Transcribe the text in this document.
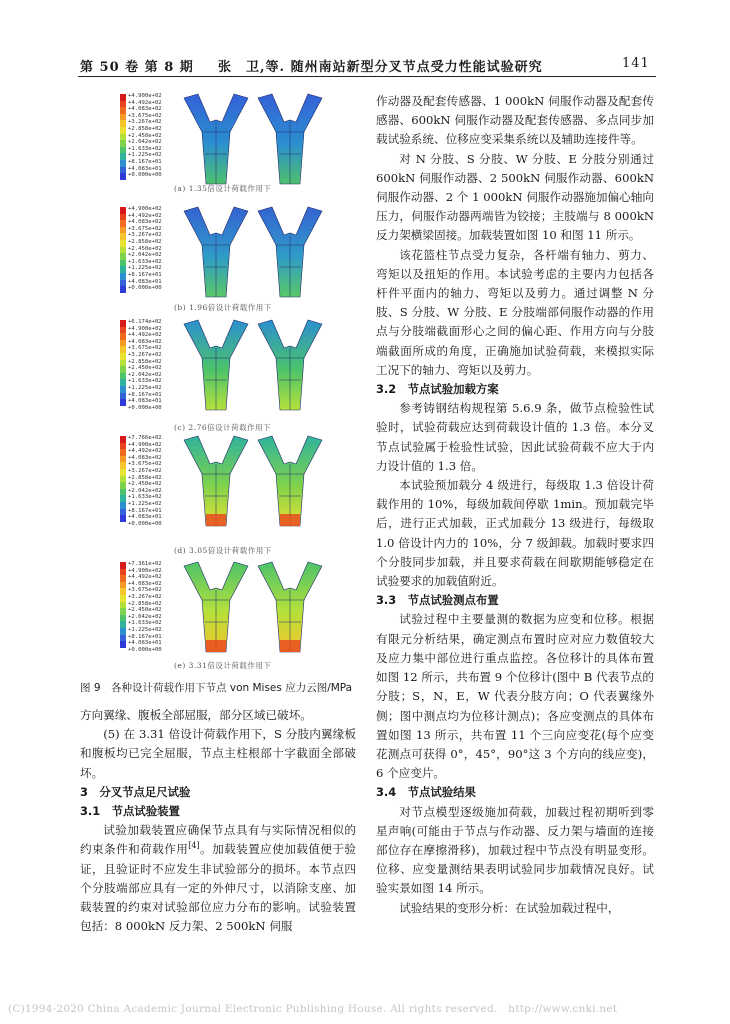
第 50 卷 第 8 期 张　卫,等. 随州南站新型分叉节点受力性能试验研究	141
+4.900e+02
+4.492e+02
+4.083e+02
+3.675e+02
+3.267e+02
+2.858e+02
+2.450e+02
+2.042e+02
+1.633e+02
+1.225e+02
+8.167e+01
+4.083e+01
+0.000e+00
(a) 1.35倍设计荷载作用下
+4.900e+02
+4.492e+02
+4.083e+02
+3.675e+02
+3.267e+02
+2.858e+02
+2.450e+02
+2.042e+02
+1.633e+02
+1.225e+02
+8.167e+01
+4.083e+01
+0.000e+00
(b) 1.96倍设计荷载作用下
+6.174e+02
+4.900e+02
+4.492e+02
+4.083e+02
+3.675e+02
+3.267e+02
+2.858e+02
+2.450e+02
+2.042e+02
+1.633e+02
+1.225e+02
+8.167e+01
+4.083e+01
+0.000e+00
(c) 2.76倍设计荷载作用下
+7.766e+02
+4.900e+02
+4.492e+02
+4.083e+02
+3.675e+02
+3.267e+02
+2.858e+02
+2.450e+02
+2.042e+02
+1.633e+02
+1.225e+02
+8.167e+01
+4.083e+01
+0.000e+00
(d) 3.05倍设计荷载作用下
+7.361e+02
+4.900e+02
+4.492e+02
+4.083e+02
+3.675e+02
+3.267e+02
+2.858e+02
+2.450e+02
+2.042e+02
+1.633e+02
+1.225e+02
+8.167e+01
+4.083e+01
+0.000e+00
(e) 3.31倍设计荷载作用下
图 9　各种设计荷载作用下节点 von Mises 应力云图/MPa

方向翼缘、腹板全部屈服，部分区域已破坏。

(5) 在 3.31 倍设计荷载作用下，S 分肢内翼缘板和腹板均已完全屈服，节点主柱根部十字截面全部破坏。

3　分叉节点足尺试验

3.1　节点试验装置

试验加载装置应确保节点具有与实际情况相似的约束条件和荷载作用[4]。加载装置应使加载值便于验证，且验证时不应发生非试验部分的损坏。本节点四个分肢端部应具有一定的外伸尺寸，以消除支座、加载装置的约束对试验部位应力分布的影响。试验装置包括：8 000kN 反力架、2 500kN 伺服

作动器及配套传感器、1 000kN 伺服作动器及配套传感器、600kN 伺服作动器及配套传感器、多点同步加载试验系统、位移应变采集系统以及辅助连接件等。

对 N 分肢、S 分肢、W 分肢、E 分肢分别通过 600kN 伺服作动器、2 500kN 伺服作动器、600kN 伺服作动器、2 个 1 000kN 伺服作动器施加偏心轴向压力，伺服作动器两端皆为铰接；主肢端与 8 000kN 反力架横梁固接。加载装置如图 10 和图 11 所示。

该花篮柱节点受力复杂，各杆端有轴力、剪力、弯矩以及扭矩的作用。本试验考虑的主要内力包括各杆件平面内的轴力、弯矩以及剪力。通过调整 N 分肢、S 分肢、W 分肢、E 分肢端部伺服作动器的作用点与分肢端截面形心之间的偏心距、作用方向与分肢端截面所成的角度，正确施加试验荷载，来模拟实际工况下的轴力、弯矩以及剪力。

3.2　节点试验加载方案

参考铸钢结构规程第 5.6.9 条，做节点检验性试验时，试验荷载应达到荷载设计值的 1.3 倍。本分叉节点试验属于检验性试验，因此试验荷载不应大于内力设计值的 1.3 倍。

本试验预加载分 4 级进行，每级取 1.3 倍设计荷载作用的 10%，每级加载间停歇 1min。预加载完毕后，进行正式加载，正式加载分 13 级进行，每级取 1.0 倍设计内力的 10%，分 7 级卸载。加载时要求四个分肢同步加载，并且要求荷载在间歇期能够稳定在试验要求的加载值附近。

3.3　节点试验测点布置

试验过程中主要量测的数据为应变和位移。根据有限元分析结果，确定测点布置时应对应力数值较大及应力集中部位进行重点监控。各位移计的具体布置如图 12 所示，共布置 9 个位移计(图中 B 代表节点的分肢；S，N，E，W 代表分肢方向；O 代表翼缘外侧；图中测点均为位移计测点)；各应变测点的具体布置如图 13 所示，共布置 11 个三向应变花(每个应变花测点可获得 0°，45°，90°这 3 个方向的线应变)，6 个应变片。

3.4　节点试验结果

对节点模型逐级施加荷载，加载过程初期听到零星声响(可能由于节点与作动器、反力架与墙面的连接部位存在摩擦滑移)，加载过程中节点没有明显变形。位移、应变量测结果表明试验同步加载情况良好。试验实景如图 14 所示。

试验结果的变形分析：在试验加载过程中，

(C)1994-2020 China Academic Journal Electronic Publishing House. All rights reserved.　http://www.cnki.net
